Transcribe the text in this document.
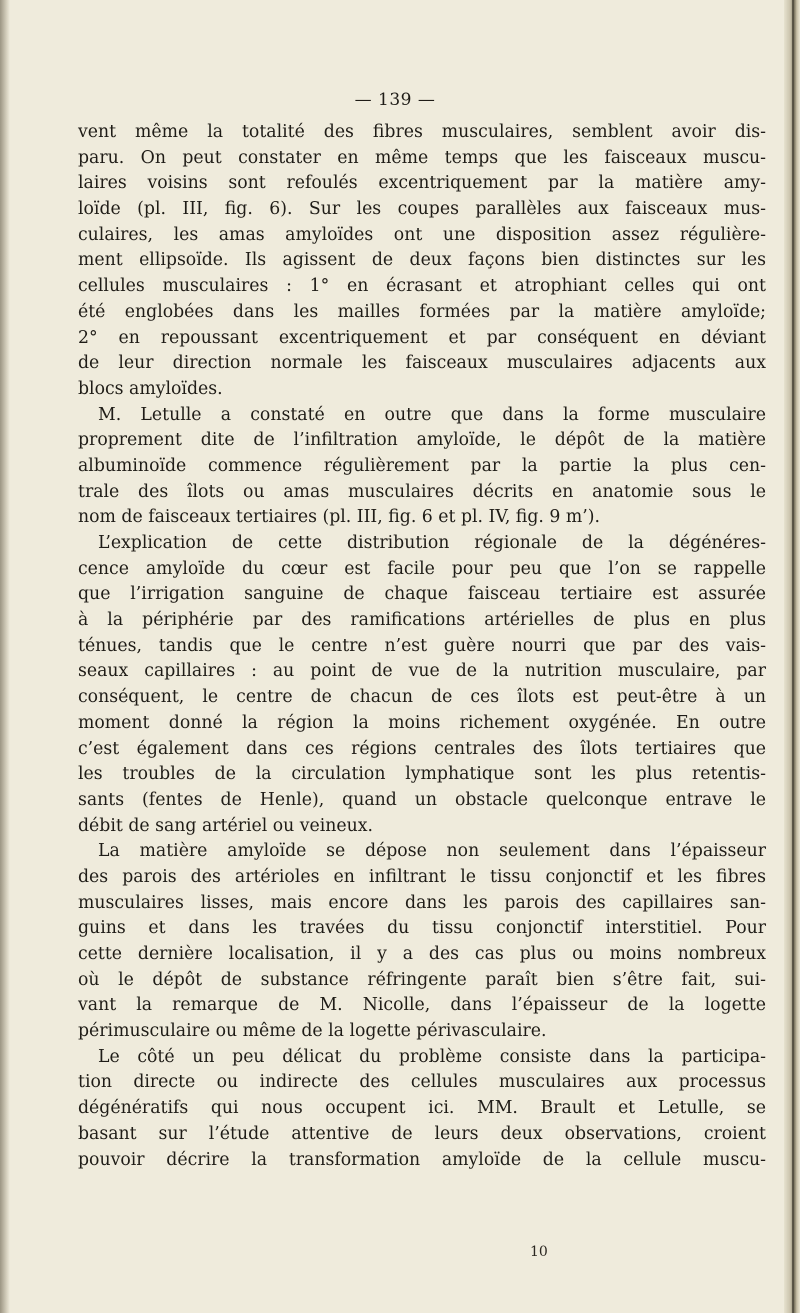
— 139 —
vent même la totalité des fibres musculaires, semblent avoir dis-
paru. On peut constater en même temps que les faisceaux muscu-
laires voisins sont refoulés excentriquement par la matière amy-
loïde (pl. III, fig. 6). Sur les coupes parallèles aux faisceaux mus-
culaires, les amas amyloïdes ont une disposition assez régulière-
ment ellipsoïde. Ils agissent de deux façons bien distinctes sur les
cellules musculaires : 1° en écrasant et atrophiant celles qui ont
été englobées dans les mailles formées par la matière amyloïde;
2° en repoussant excentriquement et par conséquent en déviant
de leur direction normale les faisceaux musculaires adjacents aux
blocs amyloïdes.
M. Letulle a constaté en outre que dans la forme musculaire
proprement dite de l’infiltration amyloïde, le dépôt de la matière
albuminoïde commence régulièrement par la partie la plus cen-
trale des îlots ou amas musculaires décrits en anatomie sous le
nom de faisceaux tertiaires (pl. III, fig. 6 et pl. IV, fig. 9 m’).
L’explication de cette distribution régionale de la dégénéres-
cence amyloïde du cœur est facile pour peu que l’on se rappelle
que l’irrigation sanguine de chaque faisceau tertiaire est assurée
à la périphérie par des ramifications artérielles de plus en plus
ténues, tandis que le centre n’est guère nourri que par des vais-
seaux capillaires : au point de vue de la nutrition musculaire, par
conséquent, le centre de chacun de ces îlots est peut-être à un
moment donné la région la moins richement oxygénée. En outre
c’est également dans ces régions centrales des îlots tertiaires que
les troubles de la circulation lymphatique sont les plus retentis-
sants (fentes de Henle), quand un obstacle quelconque entrave le
débit de sang artériel ou veineux.
La matière amyloïde se dépose non seulement dans l’épaisseur
des parois des artérioles en infiltrant le tissu conjonctif et les fibres
musculaires lisses, mais encore dans les parois des capillaires san-
guins et dans les travées du tissu conjonctif interstitiel. Pour
cette dernière localisation, il y a des cas plus ou moins nombreux
où le dépôt de substance réfringente paraît bien s’être fait, sui-
vant la remarque de M. Nicolle, dans l’épaisseur de la logette
périmusculaire ou même de la logette périvasculaire.
Le côté un peu délicat du problème consiste dans la participa-
tion directe ou indirecte des cellules musculaires aux processus
dégénératifs qui nous occupent ici. MM. Brault et Letulle, se
basant sur l’étude attentive de leurs deux observations, croient
pouvoir décrire la transformation amyloïde de la cellule muscu-
10
